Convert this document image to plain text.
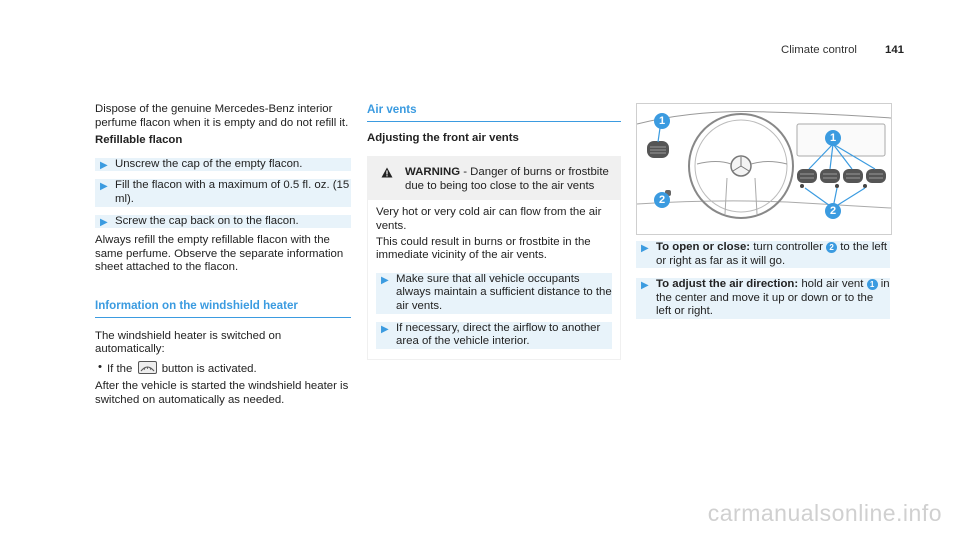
Climate control 141

Dispose of the genuine Mercedes-Benz interior perfume flacon when it is empty and do not refill it.

Refillable flacon

▶ Unscrew the cap of the empty flacon.
▶ Fill the flacon with a maximum of 0.5 fl. oz. (15 ml).
▶ Screw the cap back on to the flacon.

Always refill the empty refillable flacon with the same perfume. Observe the separate information sheet attached to the flacon.

Information on the windshield heater

The windshield heater is switched on automatically:

• If the	button is activated.

After the vehicle is started the windshield heater is switched on automatically as needed.

Air vents

Adjusting the front air vents

WARNING - Danger of burns or frostbite due to being too close to the air vents

Very hot or very cold air can flow from the air vents.

This could result in burns or frostbite in the immediate vicinity of the air vents.

▶ Make sure that all vehicle occupants always maintain a sufficient distance to the air vents.
▶ If necessary, direct the airflow to another area of the vehicle interior.
1
2
1
2
▶ To open or close: turn controller 2 to the left or right as far as it will go.
▶ To adjust the air direction: hold air vent 1 in the center and move it up or down or to the left or right.
carmanualsonline.info
